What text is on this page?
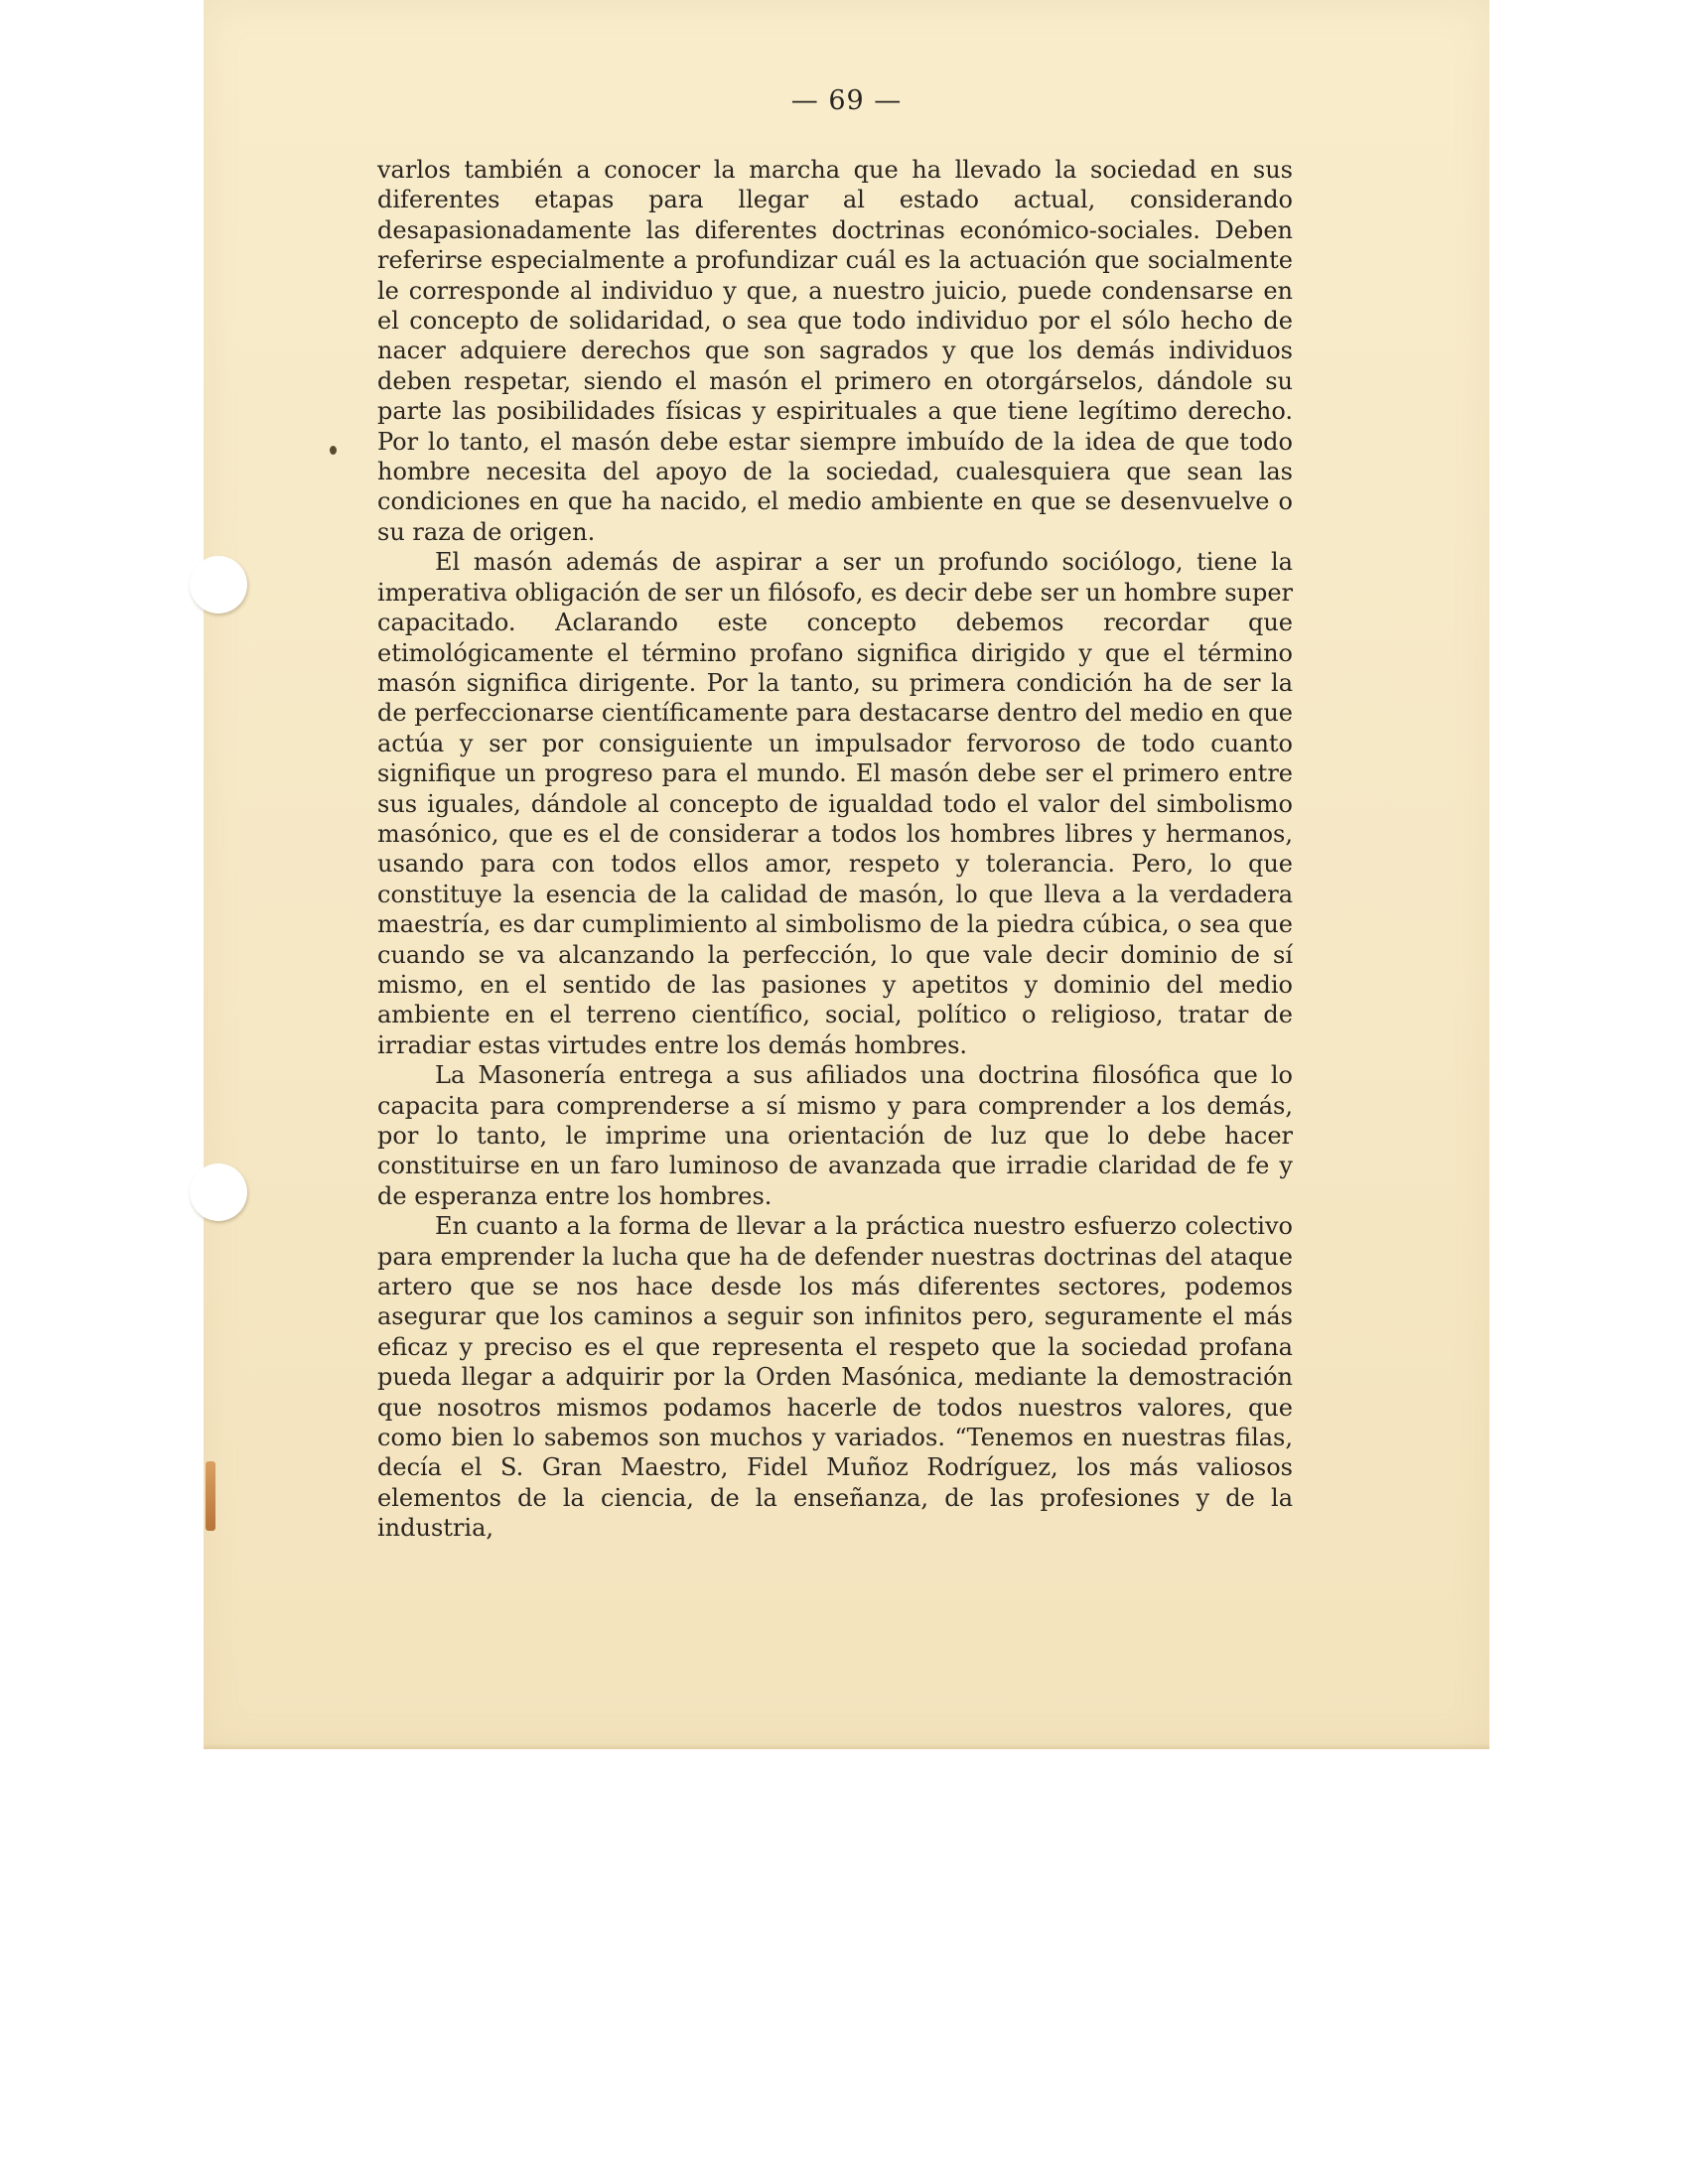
— 69 —

varlos también a conocer la marcha que ha llevado la sociedad en sus diferentes etapas para llegar al estado actual, considerando desapasionadamente las diferentes doctrinas económico-sociales. Deben referirse especialmente a profundizar cuál es la actuación que socialmente le corresponde al individuo y que, a nuestro juicio, puede condensarse en el concepto de solidaridad, o sea que todo individuo por el sólo hecho de nacer adquiere derechos que son sagrados y que los demás individuos deben respetar, siendo el masón el primero en otorgárselos, dándole su parte las posibilidades físicas y espirituales a que tiene legítimo derecho. Por lo tanto, el masón debe estar siempre imbuído de la idea de que todo hombre necesita del apoyo de la sociedad, cualesquiera que sean las condiciones en que ha nacido, el medio ambiente en que se desenvuelve o su raza de origen.

El masón además de aspirar a ser un profundo sociólogo, tiene la imperativa obligación de ser un filósofo, es decir debe ser un hombre super capacitado. Aclarando este concepto debemos recordar que etimológicamente el término profano significa dirigido y que el término masón significa dirigente. Por la tanto, su primera condición ha de ser la de perfeccionarse científicamente para destacarse dentro del medio en que actúa y ser por consiguiente un impulsador fervoroso de todo cuanto signifique un progreso para el mundo. El masón debe ser el primero entre sus iguales, dándole al concepto de igualdad todo el valor del simbolismo masónico, que es el de considerar a todos los hombres libres y hermanos, usando para con todos ellos amor, respeto y tolerancia. Pero, lo que constituye la esencia de la calidad de masón, lo que lleva a la verdadera maestría, es dar cumplimiento al simbolismo de la piedra cúbica, o sea que cuando se va alcanzando la perfección, lo que vale decir dominio de sí mismo, en el sentido de las pasiones y apetitos y dominio del medio ambiente en el terreno científico, social, político o religioso, tratar de irradiar estas virtudes entre los demás hombres.

La Masonería entrega a sus afiliados una doctrina filosófica que lo capacita para comprenderse a sí mismo y para comprender a los demás, por lo tanto, le imprime una orientación de luz que lo debe hacer constituirse en un faro luminoso de avanzada que irradie claridad de fe y de esperanza entre los hombres.

En cuanto a la forma de llevar a la práctica nuestro esfuerzo colectivo para emprender la lucha que ha de defender nuestras doctrinas del ataque artero que se nos hace desde los más diferentes sectores, podemos asegurar que los caminos a seguir son infinitos pero, seguramente el más eficaz y preciso es el que representa el respeto que la sociedad profana pueda llegar a adquirir por la Orden Masónica, mediante la demostración que nosotros mismos podamos hacerle de todos nuestros valores, que como bien lo sabemos son muchos y variados. “Tenemos en nuestras filas, decía el S. Gran Maestro, Fidel Muñoz Rodríguez, los más valiosos elementos de la ciencia, de la enseñanza, de las profesiones y de la industria,
